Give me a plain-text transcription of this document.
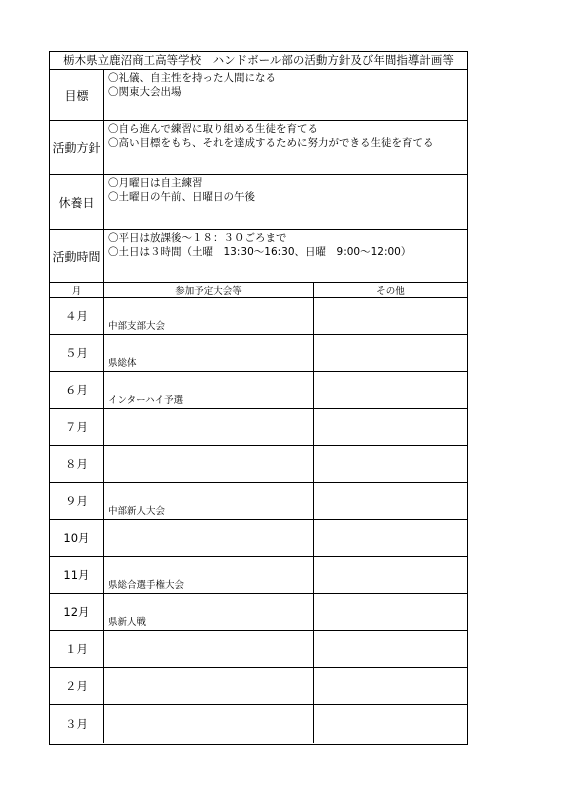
栃木県立鹿沼商工高等学校　ハンドボール部の活動方針及び年間指導計画等
目標
〇礼儀、自主性を持った人間になる
〇関東大会出場
活動方針
〇自ら進んで練習に取り組める生徒を育てる
〇高い目標をもち、それを達成するために努力ができる生徒を育てる
休養日
〇月曜日は自主練習
〇土曜日の午前、日曜日の午後
活動時間
〇平日は放課後～１８：３０ごろまで
〇土日は３時間（土曜　13:30～16:30、日曜　9:00～12:00）
月	参加予定大会等	その他
４月
中部支部大会
５月
県総体
６月
インターハイ予選
７月
８月
９月
中部新人大会
10月
11月
県総合選手権大会
12月
県新人戦
１月
２月
３月
